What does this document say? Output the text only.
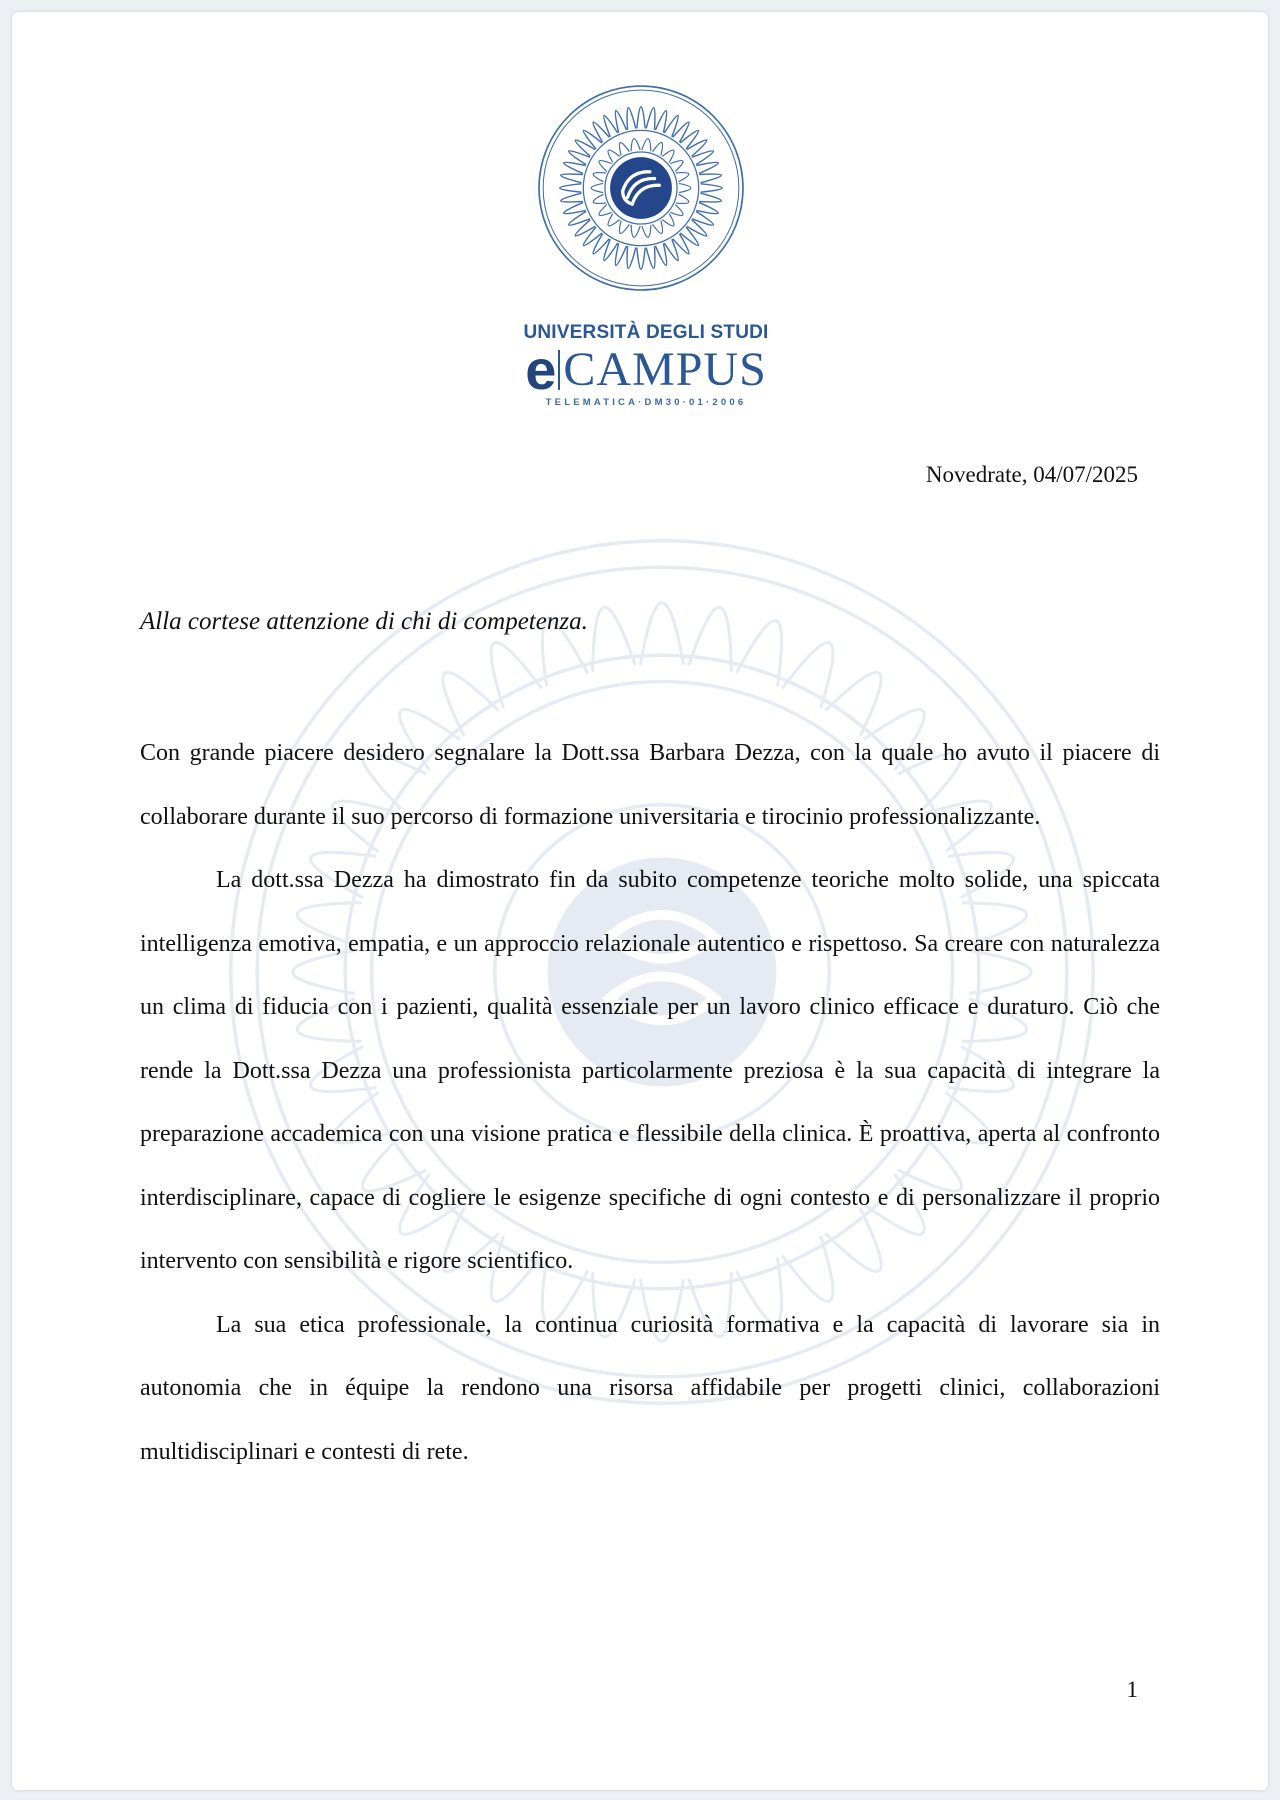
UNIVERSITÀ DEGLI STUDI
e CAMPUS
TELEMATICA·DM30·01·2006
Novedrate, 04/07/2025
Alla cortese attenzione di chi di competenza.

Con grande piacere desidero segnalare la Dott.ssa Barbara Dezza, con la quale ho avuto il piacere di collaborare durante il suo percorso di formazione universitaria e tirocinio professionalizzante.

La dott.ssa Dezza ha dimostrato fin da subito competenze teoriche molto solide, una spiccata intelligenza emotiva, empatia, e un approccio relazionale autentico e rispettoso. Sa creare con naturalezza un clima di fiducia con i pazienti, qualità essenziale per un lavoro clinico efficace e duraturo. Ciò che rende la Dott.ssa Dezza una professionista particolarmente preziosa è la sua capacità di integrare la preparazione accademica con una visione pratica e flessibile della clinica. È proattiva, aperta al confronto interdisciplinare, capace di cogliere le esigenze specifiche di ogni contesto e di personalizzare il proprio intervento con sensibilità e rigore scientifico.

La sua etica professionale, la continua curiosità formativa e la capacità di lavorare sia in autonomia che in équipe la rendono una risorsa affidabile per progetti clinici, collaborazioni multidisciplinari e contesti di rete.

1
